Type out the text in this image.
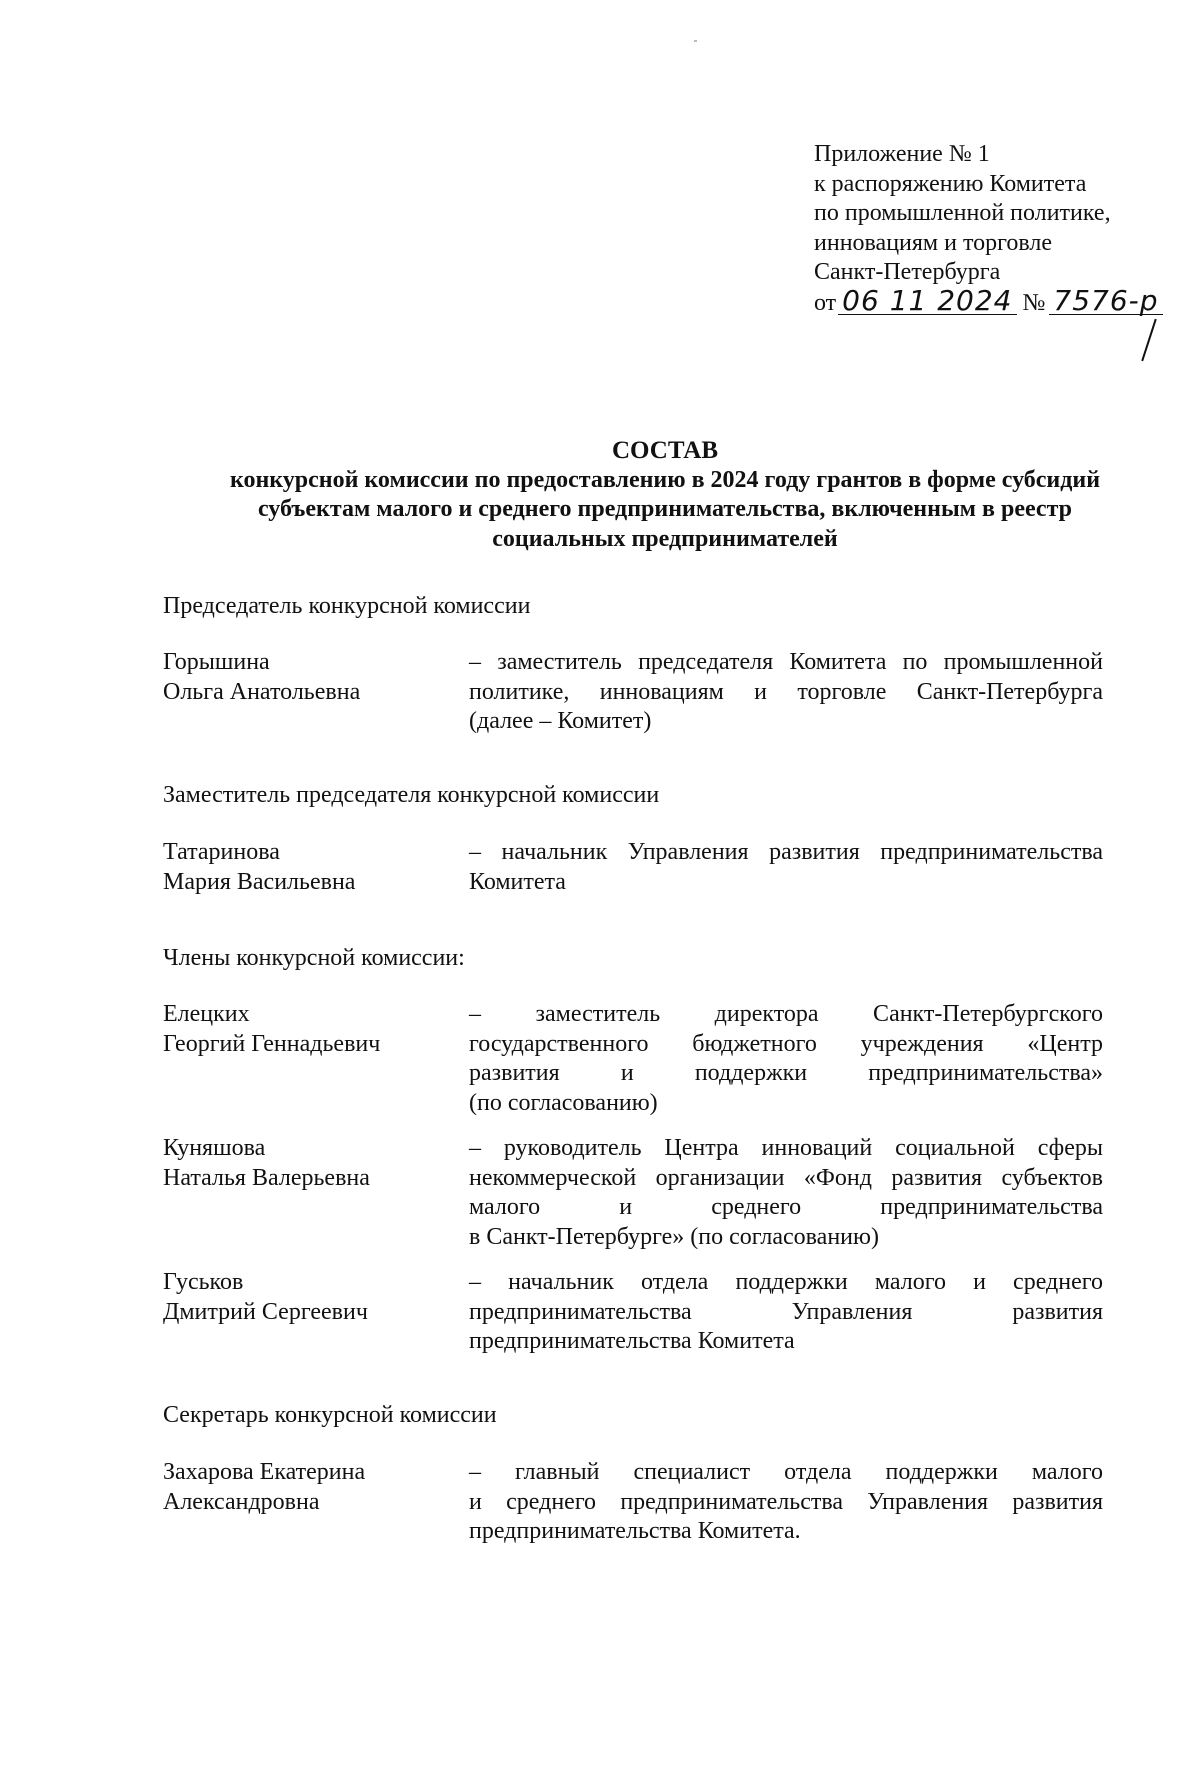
Приложение № 1
к распоряжению Комитета
по промышленной политике,
инновациям и торговле
Санкт-Петербурга
от 06 11 2024 № 7576-р
СОСТАВ
конкурсной комиссии по предоставлению в 2024 году грантов в форме субсидий
субъектам малого и среднего предпринимательства, включенным в реестр
социальных предпринимателей
Председатель конкурсной комиссии
Горышина
Ольга Анатольевна
– заместитель председателя Комитета по промышленной
политике, инновациям и торговле Санкт-Петербурга
(далее – Комитет)
Заместитель председателя конкурсной комиссии
Татаринова
Мария Васильевна
– начальник Управления развития предпринимательства
Комитета
Члены конкурсной комиссии:
Елецких
Георгий Геннадьевич
– заместитель директора Санкт-Петербургского
государственного бюджетного учреждения «Центр
развития и поддержки предпринимательства»
(по согласованию)
Куняшова
Наталья Валерьевна
– руководитель Центра инноваций социальной сферы
некоммерческой организации «Фонд развития субъектов
малого и среднего предпринимательства
в Санкт-Петербурге» (по согласованию)
Гуськов
Дмитрий Сергеевич
– начальник отдела поддержки малого и среднего
предпринимательства Управления развития
предпринимательства Комитета
Секретарь конкурсной комиссии
Захарова Екатерина
Александровна
– главный специалист отдела поддержки малого
и среднего предпринимательства Управления развития
предпринимательства Комитета.
